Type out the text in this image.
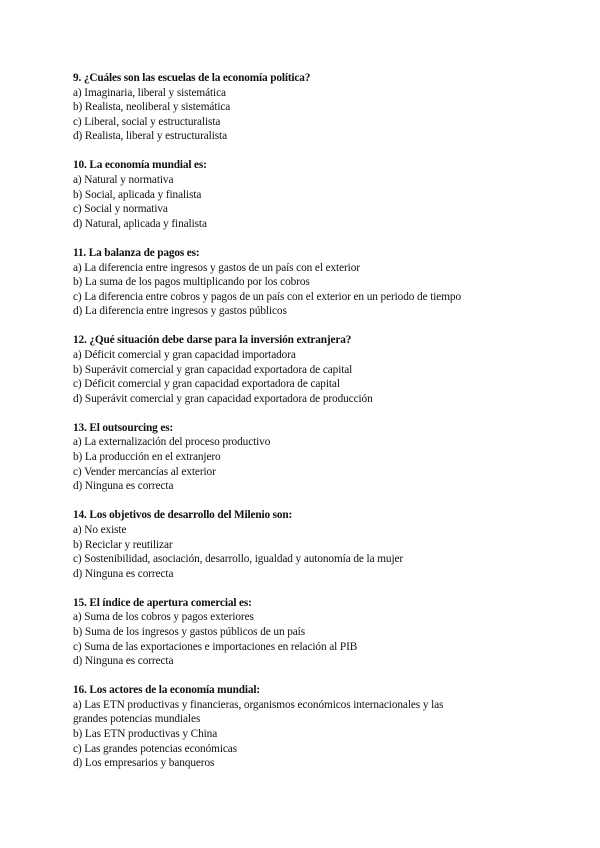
9. ¿Cuáles son las escuelas de la economía política?
a) Imaginaria, liberal y sistemática
b) Realista, neoliberal y sistemática
c) Liberal, social y estructuralista
d) Realista, liberal y estructuralista
10. La economía mundial es:
a) Natural y normativa
b) Social, aplicada y finalista
c) Social y normativa
d) Natural, aplicada y finalista
11. La balanza de pagos es:
a) La diferencia entre ingresos y gastos de un país con el exterior
b) La suma de los pagos multiplicando por los cobros
c) La diferencia entre cobros y pagos de un país con el exterior en un periodo de tiempo
d) La diferencia entre ingresos y gastos públicos
12. ¿Qué situación debe darse para la inversión extranjera?
a) Déficit comercial y gran capacidad importadora
b) Superávit comercial y gran capacidad exportadora de capital
c) Déficit comercial y gran capacidad exportadora de capital
d) Superávit comercial y gran capacidad exportadora de producción
13. El outsourcing es:
a) La externalización del proceso productivo
b) La producción en el extranjero
c) Vender mercancías al exterior
d) Ninguna es correcta
14. Los objetivos de desarrollo del Milenio son:
a) No existe
b) Reciclar y reutilizar
c) Sostenibilidad, asociación, desarrollo, igualdad y autonomía de la mujer
d) Ninguna es correcta
15. El índice de apertura comercial es:
a) Suma de los cobros y pagos exteriores
b) Suma de los ingresos y gastos públicos de un país
c) Suma de las exportaciones e importaciones en relación al PIB
d) Ninguna es correcta
16. Los actores de la economía mundial:
a) Las ETN productivas y financieras, organismos económicos internacionales y las grandes potencias mundiales
b) Las ETN productivas y China
c) Las grandes potencias económicas
d) Los empresarios y banqueros
